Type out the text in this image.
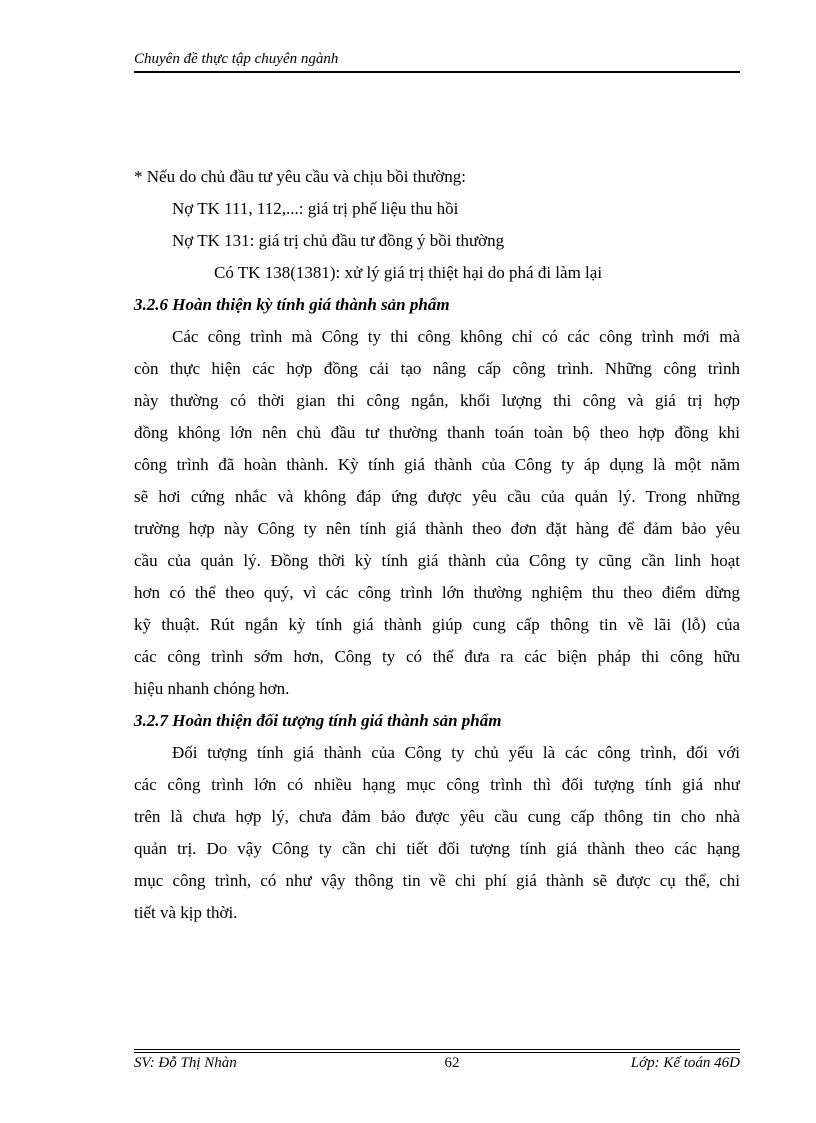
Chuyên đề thực tập chuyên ngành
* Nếu do chủ đầu tư yêu cầu và chịu bồi thường:
Nợ TK 111, 112,...: giá trị phế liệu thu hồi
Nợ TK 131: giá trị chủ đầu tư đồng ý bồi thường
Có TK 138(1381): xử lý giá trị thiệt hại do phá đi làm lại
3.2.6 Hoàn thiện kỳ tính giá thành sản phẩm
Các công trình mà Công ty thi công không chỉ có các công trình mới mà
còn thực hiện các hợp đồng cải tạo nâng cấp công trình. Những công trình
này thường có thời gian thi công ngắn, khối lượng thi công và giá trị hợp
đồng không lớn nên chủ đầu tư thường thanh toán toàn bộ theo hợp đồng khi
công trình đã hoàn thành. Kỳ tính giá thành của Công ty áp dụng là một năm
sẽ hơi cứng nhắc và không đáp ứng được yêu cầu của quản lý. Trong những
trường hợp này Công ty nên tính giá thành theo đơn đặt hàng để đảm bảo yêu
cầu của quản lý. Đồng thời kỳ tính giá thành của Công ty cũng cần linh hoạt
hơn có thể theo quý, vì các công trình lớn thường nghiệm thu theo điểm dừng
kỹ thuật. Rút ngắn kỳ tính giá thành giúp cung cấp thông tin về lãi (lỗ) của
các công trình sớm hơn, Công ty có thể đưa ra các biện pháp thi công hữu
hiệu nhanh chóng hơn.
3.2.7 Hoàn thiện đối tượng tính giá thành sản phẩm
Đối tượng tính giá thành của Công ty chủ yếu là các công trình, đối với
các công trình lớn có nhiều hạng mục công trình thì đối tượng tính giá như
trên là chưa hợp lý, chưa đảm bảo được yêu cầu cung cấp thông tin cho nhà
quản trị. Do vậy Công ty cần chi tiết đối tượng tính giá thành theo các hạng
mục công trình, có như vậy thông tin về chi phí giá thành sẽ được cụ thể, chi
tiết và kịp thời.
SV: Đỗ Thị Nhàn	62	Lớp: Kế toán 46D
